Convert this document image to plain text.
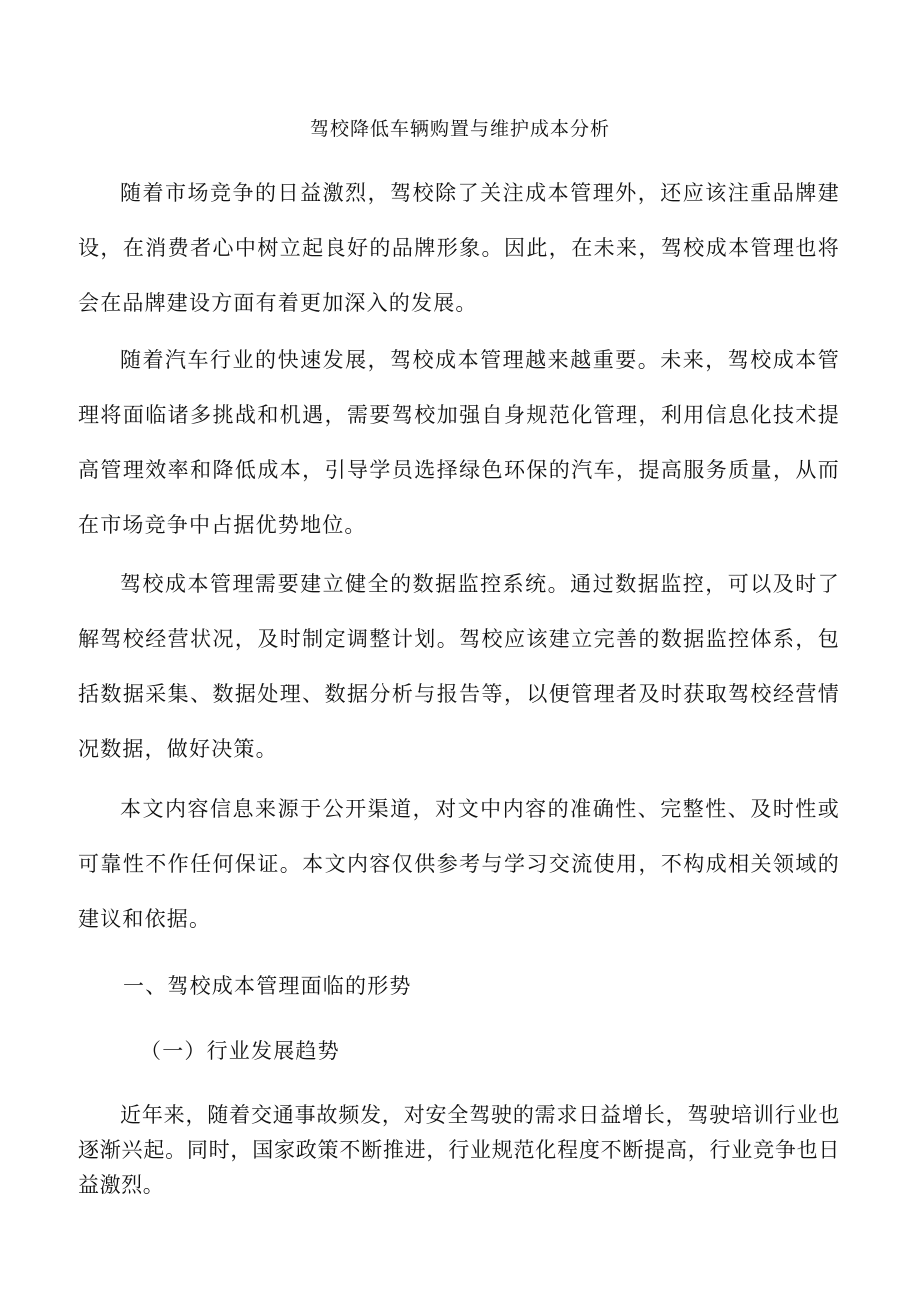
驾校降低车辆购置与维护成本分析

随着市场竞争的日益激烈，驾校除了关注成本管理外，还应该注重品牌建设，在消费者心中树立起良好的品牌形象。因此，在未来，驾校成本管理也将会在品牌建设方面有着更加深入的发展。

随着汽车行业的快速发展，驾校成本管理越来越重要。未来，驾校成本管理将面临诸多挑战和机遇，需要驾校加强自身规范化管理，利用信息化技术提高管理效率和降低成本，引导学员选择绿色环保的汽车，提高服务质量，从而在市场竞争中占据优势地位。

驾校成本管理需要建立健全的数据监控系统。通过数据监控，可以及时了解驾校经营状况，及时制定调整计划。驾校应该建立完善的数据监控体系，包括数据采集、数据处理、数据分析与报告等，以便管理者及时获取驾校经营情况数据，做好决策。

本文内容信息来源于公开渠道，对文中内容的准确性、完整性、及时性或可靠性不作任何保证。本文内容仅供参考与学习交流使用，不构成相关领域的建议和依据。

一、驾校成本管理面临的形势
（一）行业发展趋势

近年来，随着交通事故频发，对安全驾驶的需求日益增长，驾驶培训行业也逐渐兴起。同时，国家政策不断推进，行业规范化程度不断提高，行业竞争也日益激烈。
